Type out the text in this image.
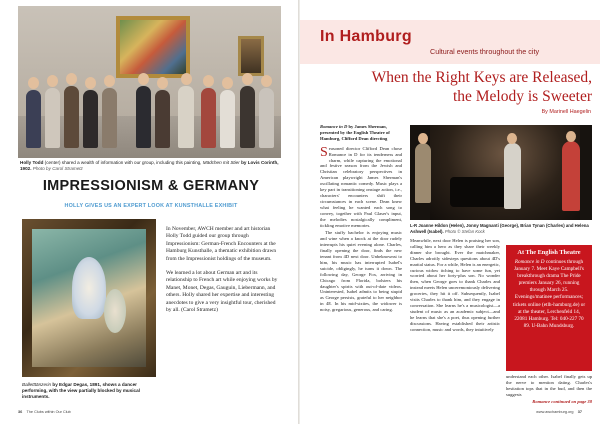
Holly Todd (center) shared a wealth of information with our group, including this painting, Mädchen mit Stier by Lovis Corinth, 1902. Photo by Carol Strametz
IMPRESSIONISM & GERMANY
HOLLY GIVES US AN EXPERT LOOK AT KUNSTHALLE EXHIBIT
Balletttänzerin by Edgar Degas, 1891, shows a dancer performing, with the view partially blocked by musical instruments.

In November, AWCH member and art historian Holly Todd guided our group through Impressionism: German-French Encounters at the Hamburg Kunsthalle, a thematic exhibition drawn from the Impressionist holdings of the museum.

We learned a lot about German art and its relationship to French art while enjoying works by Manet, Monet, Degas, Gauguin, Liebermann, and others. Holly shared her expertise and interesting anecdotes to give a very insightful tour, cherished by all. (Carol Strametz)

36 The Clubs within Our Club
In Hamburg
Cultural events throughout the city
When the Right Keys are Released,
the Melody is Sweeter
By Marinell Haegelin
Romance in D by James Sherman, presented by the English Theatre of Hamburg, Clifford Dean directing

Seasoned director Clifford Dean chose Romance in D for its tenderness and charm, while capturing the emotional and festive season from the Jewish and Christian celebratory perspectives in American playwright James Sherman's oscillating romantic comedy. Music plays a key part in transitioning onstage action, i.e., characters' encounters shift their circumstances in each scene. Dean knew what feeling he wanted each song to convey, together with Paul Glaser's input, the melodies nostalgically compliment, tickling emotive memories.

The stuffy bachelor is enjoying music and wine when a knock at the door rudely interrupts his quiet evening alone. Charles, finally opening the door, finds the new tenant from 4D next door. Unbeknownst to him, his music has interrupted Isabel's suicide, obligingly, he turns it down. The following day, George Fox, arriving in Chicago from Florida, bolsters his daughter's spirits with out-of-date videos. Uninterested, Isabel admits to being stupid as George persists, grateful to her neighbor in 4E. In his mid-sixties, the widower is noisy, gregarious, generous, and caring.

L-R Joanne Hildon (Helen), Jonny Magnanti (George), Brian Tynan (Charles) and Helena Ashwell (Isabel). Photo © Stefan Kock

Meanwhile, next door Helen is praising her son, calling him a hero as they share their weekly dinner she brought. Ever the matchmaker, Charles adroitly sidesteps questions about 4D's marital status. For a while, Helen is an energetic, curious widow itching to have some fun, yet worried about her forty-plus son. No wonder then, when George goes to thank Charles and instead meets Helen unceremoniously delivering groceries, they hit it off. Subsequently, Isabel visits Charles to thank him, and they engage in conversation. She learns he's a musicologist—a student of music as an academic subject—and he learns that she's a poet, thus opening further discussions. Having established their artistic connection, music and words, they intuitively

At The English Theatre
Romance in D continues through January 7. Meet Kaye Campbell's breakthrough drama The Pride premiers January 26, running through March 25. Evenings/matinee performances; tickets online (etlh-hamburg.de) or at the theater, Lerchenfeld 14, 22081 Hamburg. Tel: 040-227 70 89. U-Bahn Mundsburg.
understand each other. Isabel finally gets up the nerve to mention dating. Charles's hesitation tops that in the bud, and then the suggests
Romance continued on page 38
www.awchamburg.org 37
